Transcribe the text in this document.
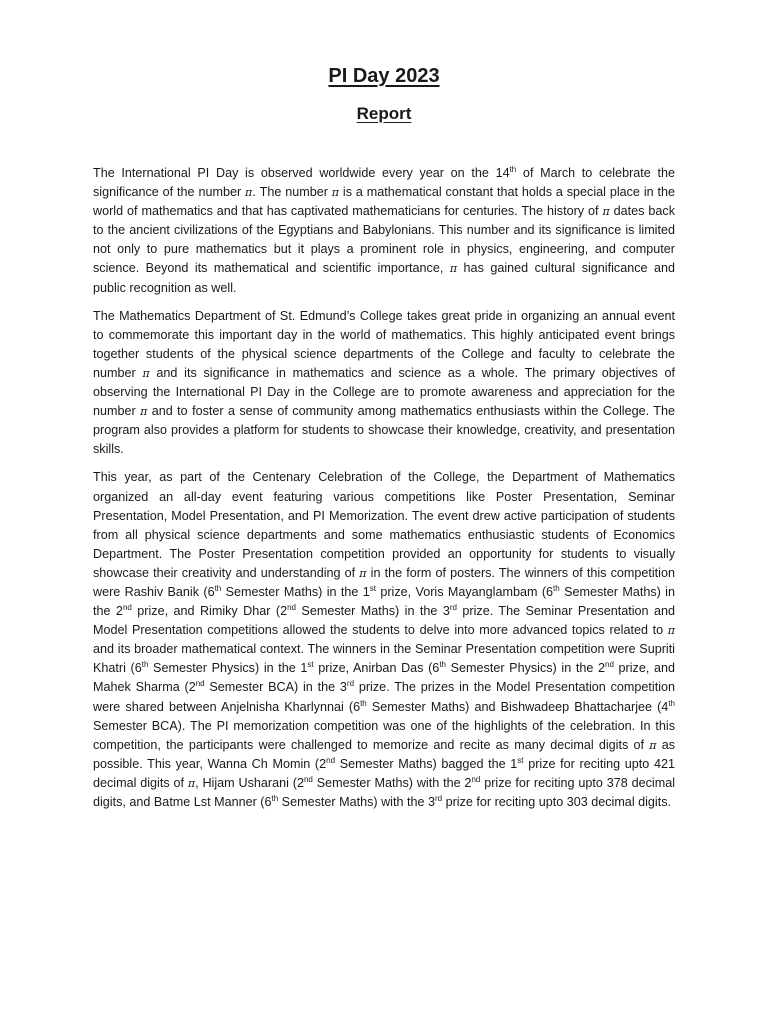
PI Day 2023
Report

The International PI Day is observed worldwide every year on the 14th of March to celebrate the significance of the number π. The number π is a mathematical constant that holds a special place in the world of mathematics and that has captivated mathematicians for centuries. The history of π dates back to the ancient civilizations of the Egyptians and Babylonians. This number and its significance is limited not only to pure mathematics but it plays a prominent role in physics, engineering, and computer science. Beyond its mathematical and scientific importance, π has gained cultural significance and public recognition as well.

The Mathematics Department of St. Edmund’s College takes great pride in organizing an annual event to commemorate this important day in the world of mathematics. This highly anticipated event brings together students of the physical science departments of the College and faculty to celebrate the number π and its significance in mathematics and science as a whole. The primary objectives of observing the International PI Day in the College are to promote awareness and appreciation for the number π and to foster a sense of community among mathematics enthusiasts within the College. The program also provides a platform for students to showcase their knowledge, creativity, and presentation skills.

This year, as part of the Centenary Celebration of the College, the Department of Mathematics organized an all-day event featuring various competitions like Poster Presentation, Seminar Presentation, Model Presentation, and PI Memorization. The event drew active participation of students from all physical science departments and some mathematics enthusiastic students of Economics Department. The Poster Presentation competition provided an opportunity for students to visually showcase their creativity and understanding of π in the form of posters. The winners of this competition were Rashiv Banik (6th Semester Maths) in the 1st prize, Voris Mayanglambam (6th Semester Maths) in the 2nd prize, and Rimiky Dhar (2nd Semester Maths) in the 3rd prize. The Seminar Presentation and Model Presentation competitions allowed the students to delve into more advanced topics related to π and its broader mathematical context. The winners in the Seminar Presentation competition were Supriti Khatri (6th Semester Physics) in the 1st prize, Anirban Das (6th Semester Physics) in the 2nd prize, and Mahek Sharma (2nd Semester BCA) in the 3rd prize. The prizes in the Model Presentation competition were shared between Anjelnisha Kharlynnai (6th Semester Maths) and Bishwadeep Bhattacharjee (4th Semester BCA). The PI memorization competition was one of the highlights of the celebration. In this competition, the participants were challenged to memorize and recite as many decimal digits of π as possible. This year, Wanna Ch Momin (2nd Semester Maths) bagged the 1st prize for reciting upto 421 decimal digits of π, Hijam Usharani (2nd Semester Maths) with the 2nd prize for reciting upto 378 decimal digits, and Batme Lst Manner (6th Semester Maths) with the 3rd prize for reciting upto 303 decimal digits.
